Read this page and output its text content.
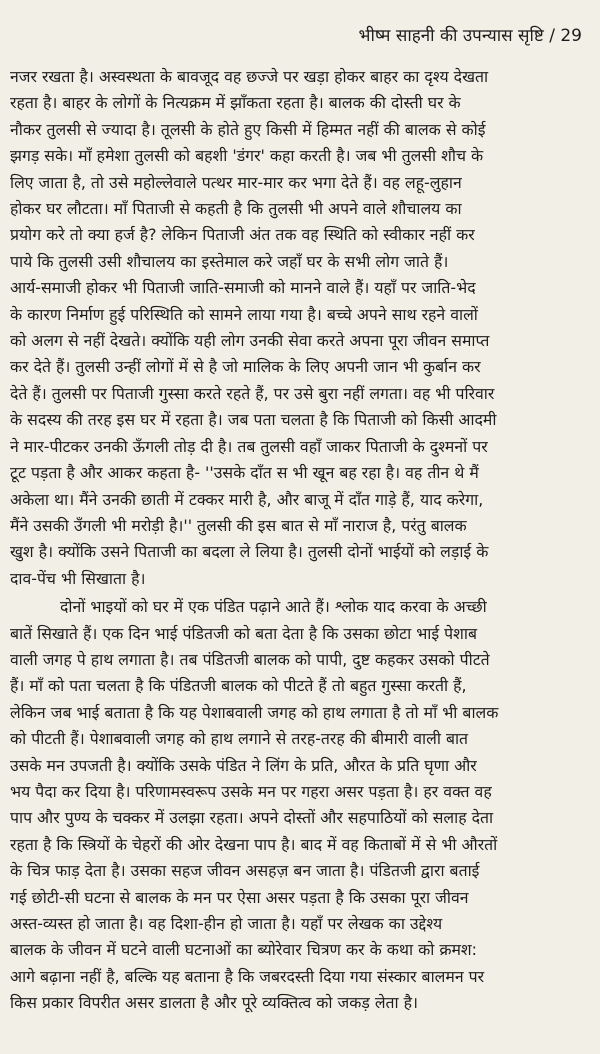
भीष्म साहनी की उपन्यास सृष्टि / 29
नजर रखता है। अस्वस्थता के बावजूद वह छज्जे पर खड़ा होकर बाहर का दृश्य देखता
रहता है। बाहर के लोगों के नित्यक्रम में झाँकता रहता है। बालक की दोस्ती घर के
नौकर तुलसी से ज्यादा है। तूलसी के होते हुए किसी में हिम्मत नहीं की बालक से कोई
झगड़ सके। माँ हमेशा तुलसी को बहशी 'डंगर' कहा करती है। जब भी तुलसी शौच के
लिए जाता है, तो उसे महोल्लेवाले पत्थर मार-मार कर भगा देते हैं। वह लहू-लुहान
होकर घर लौटता। माँ पिताजी से कहती है कि तुलसी भी अपने वाले शौचालय का
प्रयोग करे तो क्या हर्ज है? लेकिन पिताजी अंत तक वह स्थिति को स्वीकार नहीं कर
पाये कि तुलसी उसी शौचालय का इस्तेमाल करे जहाँ घर के सभी लोग जाते हैं।
आर्य-समाजी होकर भी पिताजी जाति-समाजी को मानने वाले हैं। यहाँ पर जाति-भेद
के कारण निर्माण हुई परिस्थिति को सामने लाया गया है। बच्चे अपने साथ रहने वालों
को अलग से नहीं देखते। क्योंकि यही लोग उनकी सेवा करते अपना पूरा जीवन समाप्त
कर देते हैं। तुलसी उन्हीं लोगों में से है जो मालिक के लिए अपनी जान भी कुर्बान कर
देते हैं। तुलसी पर पिताजी गुस्सा करते रहते हैं, पर उसे बुरा नहीं लगता। वह भी परिवार
के सदस्य की तरह इस घर में रहता है। जब पता चलता है कि पिताजी को किसी आदमी
ने मार-पीटकर उनकी ऊँगली तोड़ दी है। तब तुलसी वहाँ जाकर पिताजी के दुश्मनों पर
टूट पड़ता है और आकर कहता है- ''उसके दाँत स भी खून बह रहा है। वह तीन थे मैं
अकेला था। मैंने उनकी छाती में टक्कर मारी है, और बाजू में दाँत गाड़े हैं, याद करेगा,
मैंने उसकी उँगली भी मरोड़ी है।'' तुलसी की इस बात से माँ नाराज है, परंतु बालक
खुश है। क्योंकि उसने पिताजी का बदला ले लिया है। तुलसी दोनों भाईयों को लड़ाई के
दाव-पेंच भी सिखाता है।
दोनों भाइयों को घर में एक पंडित पढ़ाने आते हैं। श्लोक याद करवा के अच्छी
बातें सिखाते हैं। एक दिन भाई पंडितजी को बता देता है कि उसका छोटा भाई पेशाब
वाली जगह पे हाथ लगाता है। तब पंडितजी बालक को पापी, दुष्ट कहकर उसको पीटते
हैं। माँ को पता चलता है कि पंडितजी बालक को पीटते हैं तो बहुत गुस्सा करती हैं,
लेकिन जब भाई बताता है कि यह पेशाबवाली जगह को हाथ लगाता है तो माँ भी बालक
को पीटती हैं। पेशाबवाली जगह को हाथ लगाने से तरह-तरह की बीमारी वाली बात
उसके मन उपजती है। क्योंकि उसके पंडित ने लिंग के प्रति, औरत के प्रति घृणा और
भय पैदा कर दिया है। परिणामस्वरूप उसके मन पर गहरा असर पड़ता है। हर वक्त वह
पाप और पुण्य के चक्कर में उलझा रहता। अपने दोस्तों और सहपाठियों को सलाह देता
रहता है कि स्त्रियों के चेहरों की ओर देखना पाप है। बाद में वह किताबों में से भी औरतों
के चित्र फाड़ देता है। उसका सहज जीवन असहज़ बन जाता है। पंडितजी द्वारा बताई
गई छोटी-सी घटना से बालक के मन पर ऐसा असर पड़ता है कि उसका पूरा जीवन
अस्त-व्यस्त हो जाता है। वह दिशा-हीन हो जाता है। यहाँ पर लेखक का उद्देश्य
बालक के जीवन में घटने वाली घटनाओं का ब्योरेवार चित्रण कर के कथा को क्रमश:
आगे बढ़ाना नहीं है, बल्कि यह बताना है कि जबरदस्ती दिया गया संस्कार बालमन पर
किस प्रकार विपरीत असर डालता है और पूरे व्यक्तित्व को जकड़ लेता है।
